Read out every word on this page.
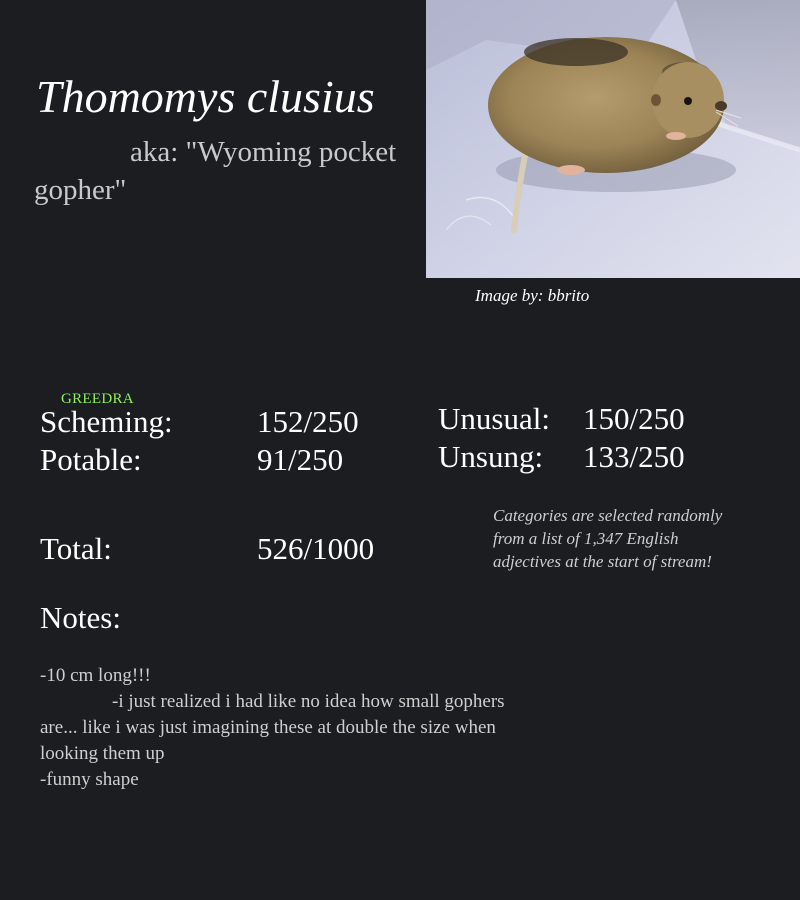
Thomomys clusius
aka: "Wyoming pocket gopher"
Image by: bbrito
GREEDRA
Scheming:	152/250
Potable:	91/250
Unusual: 150/250
Unsung: 133/250
Total:	526/1000
Categories are selected randomly from a list of 1,347 English adjectives at the start of stream!
Notes:
-10 cm long!!!
-i just realized i had like no idea how small gophers are... like i was just imagining these at double the size when looking them up
-funny shape
